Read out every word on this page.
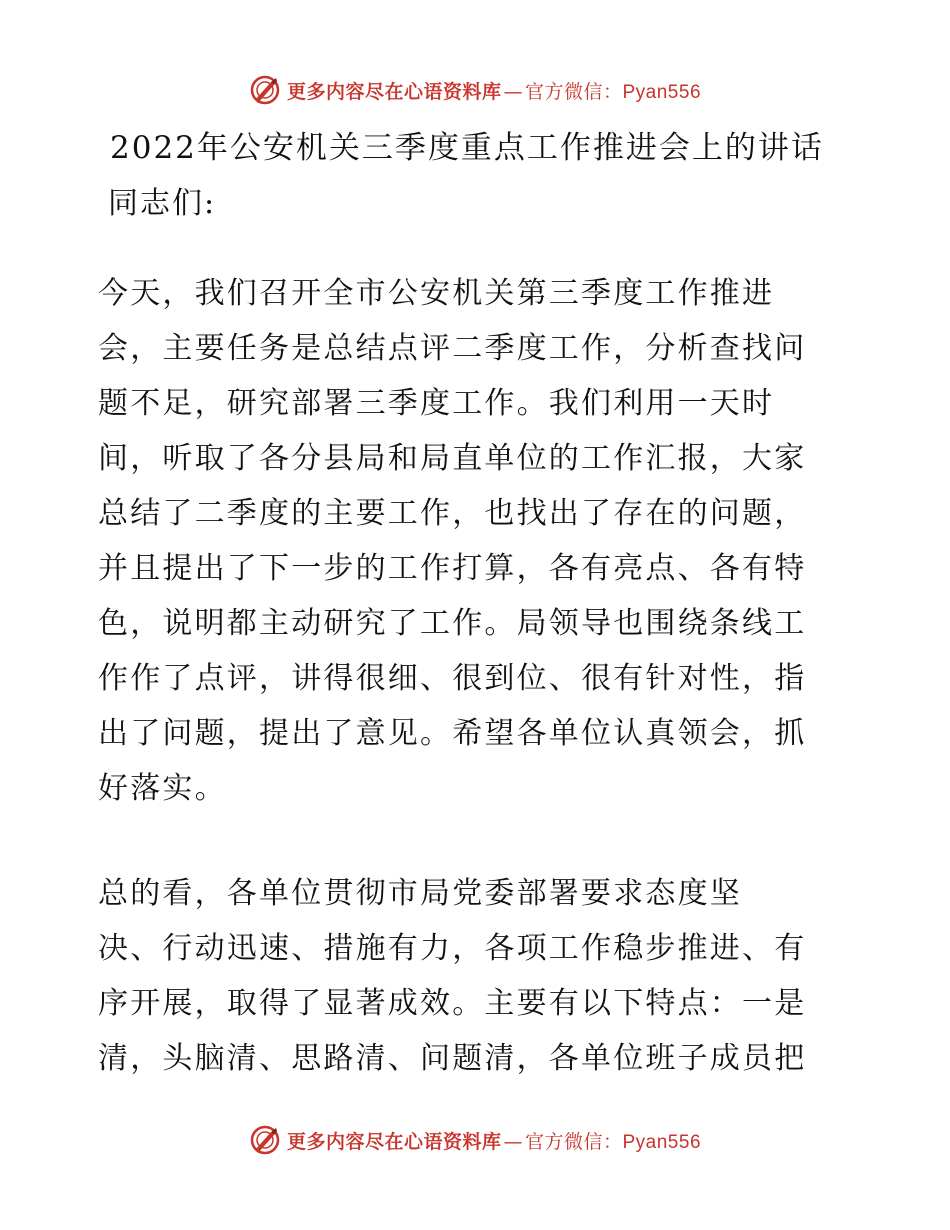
更多内容尽在心语资料库 — 官方微信：Pyan556
2022年公安机关三季度重点工作推进会上的讲话
同志们:
今天，我们召开全市公安机关第三季度工作推进
会，主要任务是总结点评二季度工作，分析查找问
题不足，研究部署三季度工作。我们利用一天时
间，听取了各分县局和局直单位的工作汇报，大家
总结了二季度的主要工作，也找出了存在的问题，
并且提出了下一步的工作打算，各有亮点、各有特
色，说明都主动研究了工作。局领导也围绕条线工
作作了点评，讲得很细、很到位、很有针对性，指
出了问题，提出了意见。希望各单位认真领会，抓
好落实。
总的看，各单位贯彻市局党委部署要求态度坚
决、行动迅速、措施有力，各项工作稳步推进、有
序开展，取得了显著成效。主要有以下特点：一是
清，头脑清、思路清、问题清，各单位班子成员把
更多内容尽在心语资料库 — 官方微信：Pyan556
